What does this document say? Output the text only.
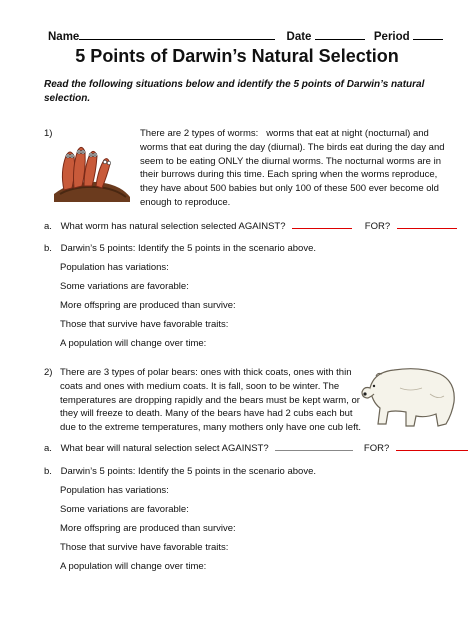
Name	Date	Period
5 Points of Darwin’s Natural Selection
Read the following situations below and identify the 5 points of Darwin’s natural selection.
1)	There are 2 types of worms:
worms that eat at night (nocturnal) and worms that eat during the day (diurnal). The birds eat during the day and seem to be eating ONLY the diurnal worms. The nocturnal worms are in their burrows during this time. Each spring when the worms reproduce, they have about 500 babies but only 100 of these 500 ever become old enough to reproduce.
a. What worm has natural selection selected AGAINST?	FOR?
b. Darwin’s 5 points: Identify the 5 points in the scenario above.
Population has variations:
Some variations are favorable:
More offspring are produced than survive:
Those that survive have favorable traits:
A population will change over time:
2) There are 3 types of polar bears: ones with thick coats, ones with thin coats and ones with medium coats. It is fall, soon to be winter. The temperatures are dropping rapidly and the bears must be kept warm, or they will freeze to death. Many of the bears have had 2 cubs each but due to the extreme temperatures, many mothers only have one cub left.
a. What bear will natural selection select AGAINST?	FOR?
b. Darwin’s 5 points: Identify the 5 points in the scenario above.
Population has variations:
Some variations are favorable:
More offspring are produced than survive:
Those that survive have favorable traits:
A population will change over time:
